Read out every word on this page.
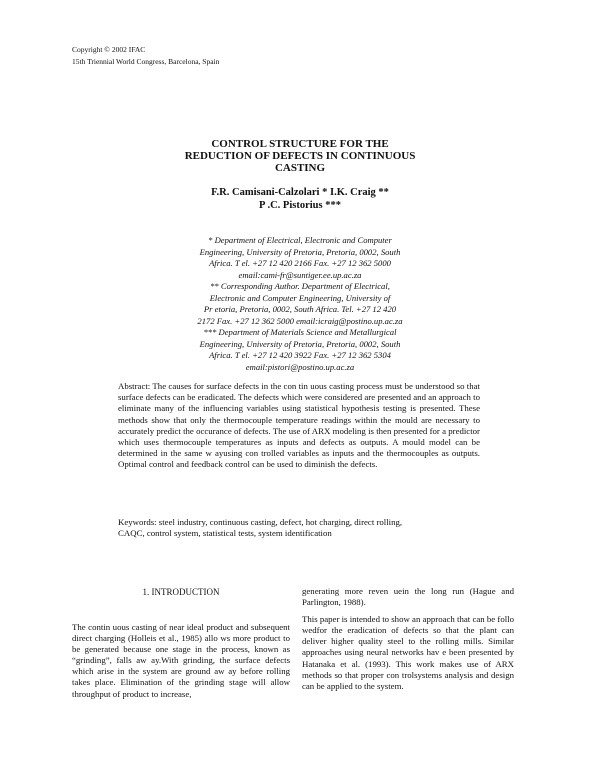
Copyright © 2002 IFAC
15th Triennial World Congress, Barcelona, Spain
CONTROL STRUCTURE FOR THE
REDUCTION OF DEFECTS IN CONTINUOUS
CASTING
F.R. Camisani-Calzolari * I.K. Craig **
P .C. Pistorius ***
* Department of Electrical, Electronic and Computer
Engineering, University of Pretoria, Pretoria, 0002, South
Africa. T el. +27 12 420 2166 Fax. +27 12 362 5000
email:cami-fr@suntiger.ee.up.ac.za
** Corresponding Author. Department of Electrical,
Electronic and Computer Engineering, University of
Pr etoria, Pretoria, 0002, South Africa. Tel. +27 12 420
2172 Fax. +27 12 362 5000 email:icraig@postino.up.ac.za
*** Department of Materials Science and Metallurgical
Engineering, University of Pretoria, Pretoria, 0002, South
Africa. T el. +27 12 420 3922 Fax. +27 12 362 5304
email:pistori@postino.up.ac.za
Abstract: The causes for surface defects in the con tin uous casting process must be understood so that surface defects can be eradicated. The defects which were considered are presented and an approach to eliminate many of the influencing variables using statistical hypothesis testing is presented. These methods show that only the thermocouple temperature readings within the mould are necessary to accurately predict the occurance of defects. The use of ARX modeling is then presented for a predictor which uses thermocouple temperatures as inputs and defects as outputs. A mould model can be determined in the same w ayusing con trolled variables as inputs and the thermocouples as outputs. Optimal control and feedback control can be used to diminish the defects.
Keywords: steel industry, continuous casting, defect, hot charging, direct rolling,
CAQC, control system, statistical tests, system identification
1. INTRODUCTION

The contin uous casting of near ideal product and subsequent direct charging (Holleis et al., 1985) allo ws more product to be generated because one stage in the process, known as “grinding”, falls aw ay.With grinding, the surface defects which arise in the system are ground aw ay before rolling takes place. Elimination of the grinding stage will allow throughput of product to increase,

generating more reven uein the long run (Hague and Parlington, 1988).

This paper is intended to show an approach that can be follo wedfor the eradication of defects so that the plant can deliver higher quality steel to the rolling mills. Similar approaches using neural networks hav e been presented by Hatanaka et al. (1993). This work makes use of ARX methods so that proper con trolsystems analysis and design can be applied to the system.
